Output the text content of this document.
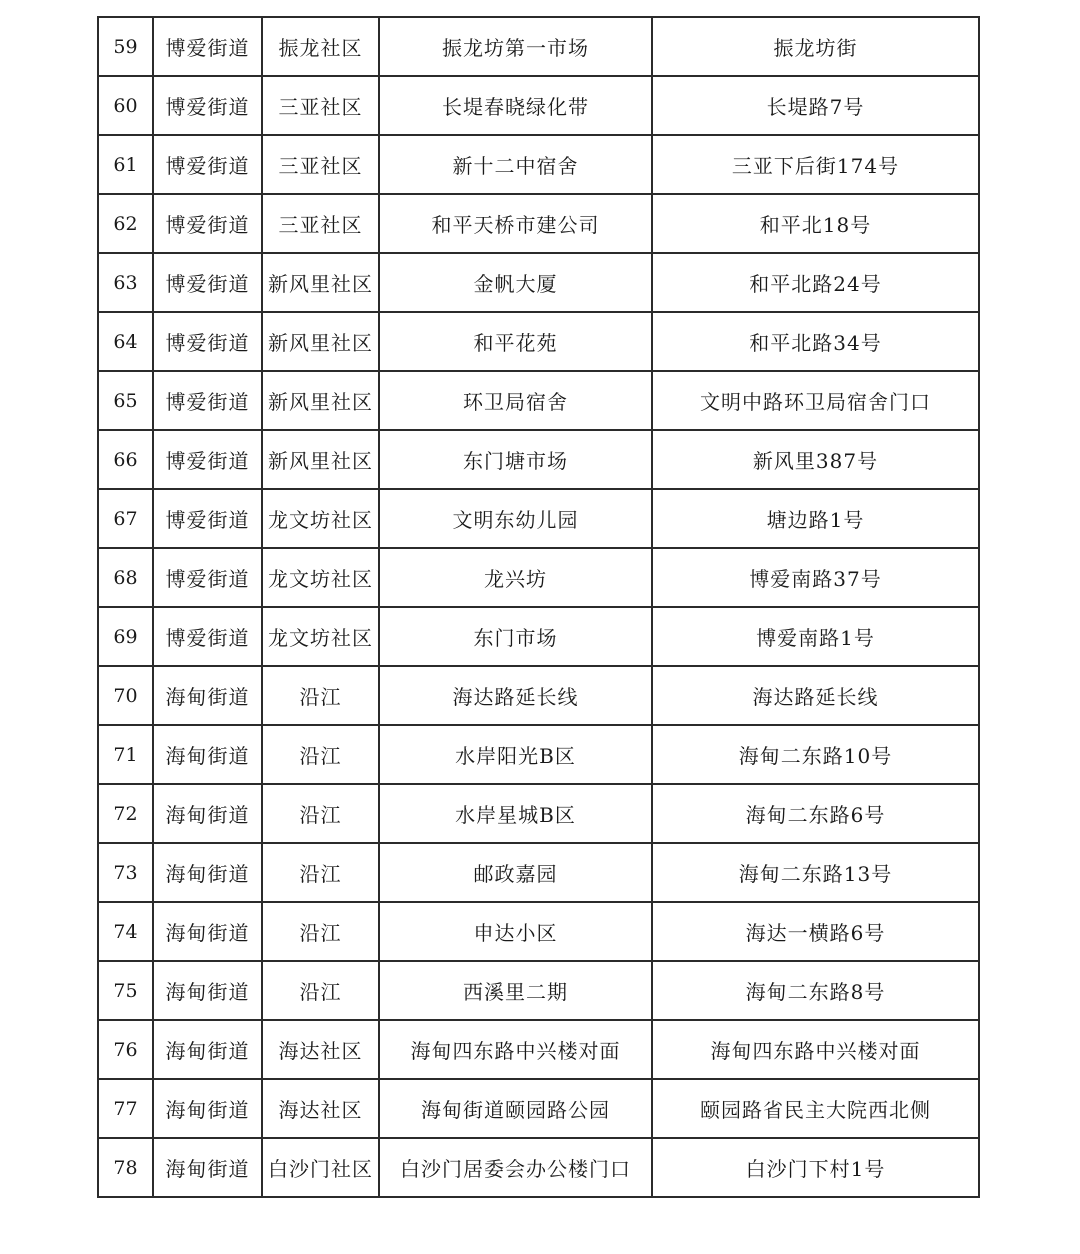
59	博爱街道	振龙社区	振龙坊第一市场	振龙坊街
60	博爱街道	三亚社区	长堤春晓绿化带	长堤路7号
61	博爱街道	三亚社区	新十二中宿舍	三亚下后街174号
62	博爱街道	三亚社区	和平天桥市建公司	和平北18号
63	博爱街道	新风里社区	金帆大厦	和平北路24号
64	博爱街道	新风里社区	和平花苑	和平北路34号
65	博爱街道	新风里社区	环卫局宿舍	文明中路环卫局宿舍门口
66	博爱街道	新风里社区	东门塘市场	新风里387号
67	博爱街道	龙文坊社区	文明东幼儿园	塘边路1号
68	博爱街道	龙文坊社区	龙兴坊	博爱南路37号
69	博爱街道	龙文坊社区	东门市场	博爱南路1号
70	海甸街道	沿江	海达路延长线	海达路延长线
71	海甸街道	沿江	水岸阳光B区	海甸二东路10号
72	海甸街道	沿江	水岸星城B区	海甸二东路6号
73	海甸街道	沿江	邮政嘉园	海甸二东路13号
74	海甸街道	沿江	申达小区	海达一横路6号
75	海甸街道	沿江	西溪里二期	海甸二东路8号
76	海甸街道	海达社区	海甸四东路中兴楼对面	海甸四东路中兴楼对面
77	海甸街道	海达社区	海甸街道颐园路公园	颐园路省民主大院西北侧
78	海甸街道	白沙门社区	白沙门居委会办公楼门口	白沙门下村1号
